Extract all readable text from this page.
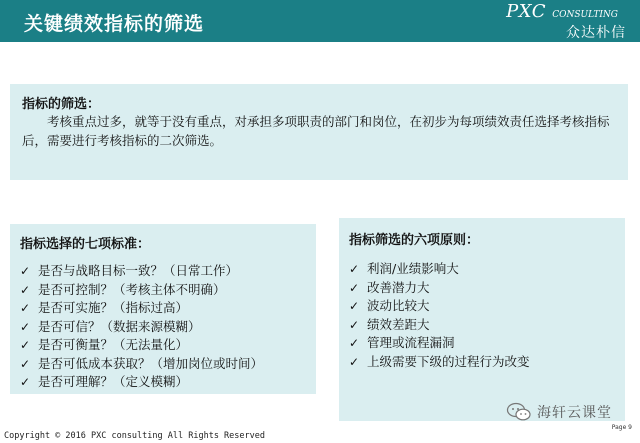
关键绩效指标的筛选
PXC CONSULTING
众达朴信
指标的筛选：
考核重点过多，就等于没有重点，对承担多项职责的部门和岗位，在初步为每项绩效责任选择考核指标后，需要进行考核指标的二次筛选。
指标选择的七项标准：
✓ 是否与战略目标一致？（日常工作）
✓ 是否可控制？（考核主体不明确）
✓ 是否可实施？（指标过高）
✓ 是否可信？（数据来源模糊）
✓ 是否可衡量？（无法量化）
✓ 是否可低成本获取？（增加岗位或时间）
✓ 是否可理解？（定义模糊）
指标筛选的六项原则：
✓ 利润/业绩影响大
✓ 改善潜力大
✓ 波动比较大
✓ 绩效差距大
✓ 管理或流程漏洞
✓ 上级需要下级的过程行为改变
海轩云课堂
Copyright © 2016 PXC consulting All Rights Reserved
Page 9
